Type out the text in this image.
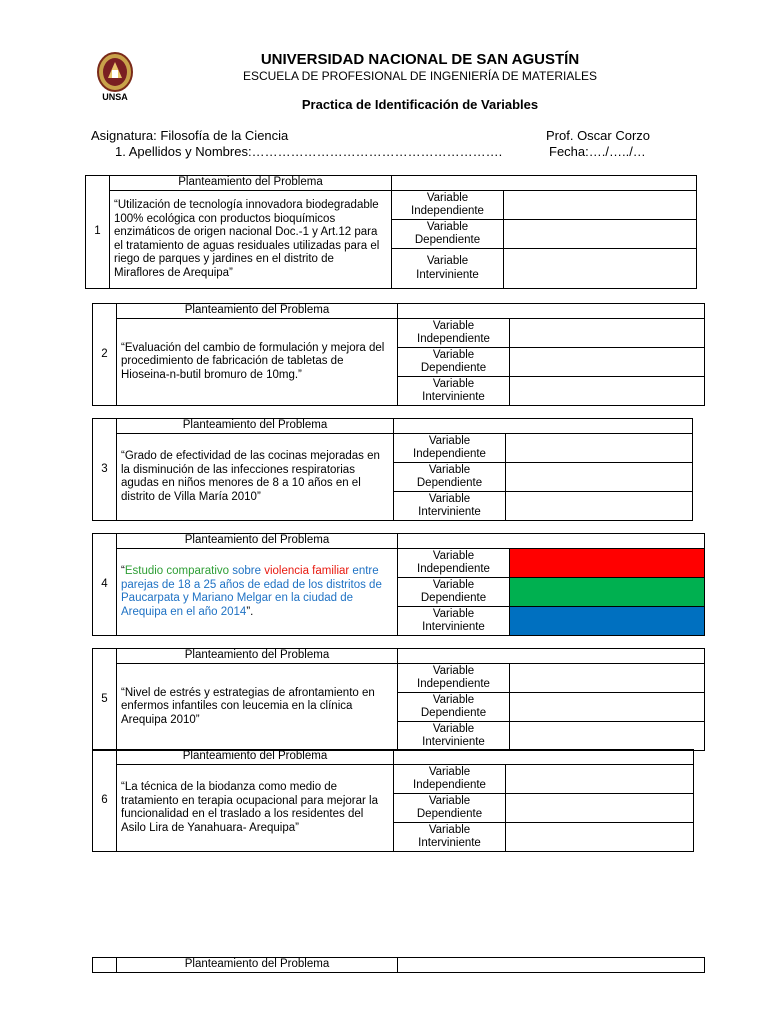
UNSA
UNIVERSIDAD NACIONAL DE SAN AGUSTÍN
ESCUELA DE PROFESIONAL DE INGENIERÍA DE MATERIALES
Practica de Identificación de Variables
Asignatura: Filosofía de la Ciencia	Prof. Oscar Corzo
1. Apellidos y Nombres:………………………………………………….	Fecha:…./…../…
1	Planteamiento del Problema		
	“Utilización de tecnología innovadora biodegradable 100% ecológica con productos bioquímicos enzimáticos de origen nacional Doc.-1 y Art.12 para el tratamiento de aguas residuales utilizadas para el riego de parques y jardines en el distrito de Miraflores de Arequipa”	Variable
Independiente	
		Variable
Dependiente	
		Variable
Interviniente	
2	Planteamiento del Problema		
	“Evaluación del cambio de formulación y mejora del procedimiento de fabricación de tabletas de Hioseina-n-butil bromuro de 10mg.”	Variable
Independiente	
		Variable
Dependiente	
		Variable
Interviniente	
3	Planteamiento del Problema		
	“Grado de efectividad de las cocinas mejoradas en la disminución de las infecciones respiratorias agudas en niños menores de 8 a 10 años en el distrito de Villa María 2010”	Variable
Independiente	
		Variable
Dependiente	
		Variable
Interviniente	
4	Planteamiento del Problema		
	“Estudio comparativo sobre violencia familiar entre parejas de 18 a 25 años de edad de los distritos de Paucarpata y Mariano Melgar en la ciudad de Arequipa en el año 2014”.	Variable
Independiente	
		Variable
Dependiente	
		Variable
Interviniente	
5	Planteamiento del Problema		
	“Nivel de estrés y estrategias de afrontamiento en enfermos infantiles con leucemia en la clínica Arequipa 2010”	Variable
Independiente	
		Variable
Dependiente	
		Variable
Interviniente	
6	Planteamiento del Problema		
	“La técnica de la biodanza como medio de tratamiento en terapia ocupacional para mejorar la funcionalidad en el traslado a los residentes del Asilo Lira de Yanahuara- Arequipa”	Variable
Independiente	
		Variable
Dependiente	
		Variable
Interviniente	
	Planteamiento del Problema	
